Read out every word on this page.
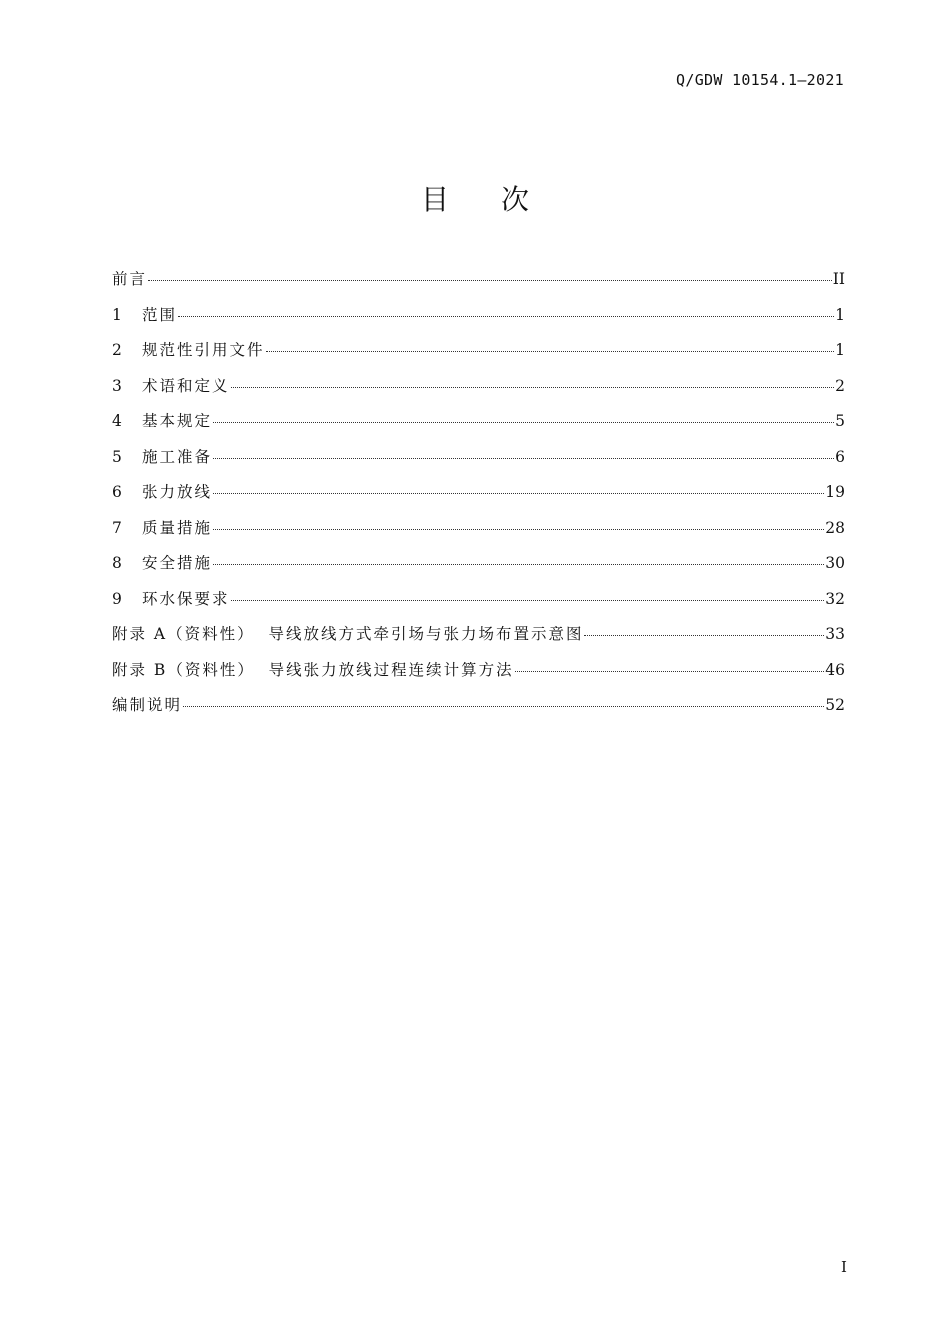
Q/GDW 10154.1—2021
目 次
前言	II
1	范围	1
2	规范性引用文件	1
3	术语和定义	2
4	基本规定	5
5	施工准备	6
6	张力放线	19
7	质量措施	28
8	安全措施	30
9	环水保要求	32
附录 A（资料性）  导线放线方式牵引场与张力场布置示意图	33
附录 B（资料性）  导线张力放线过程连续计算方法	46
编制说明	52
I
